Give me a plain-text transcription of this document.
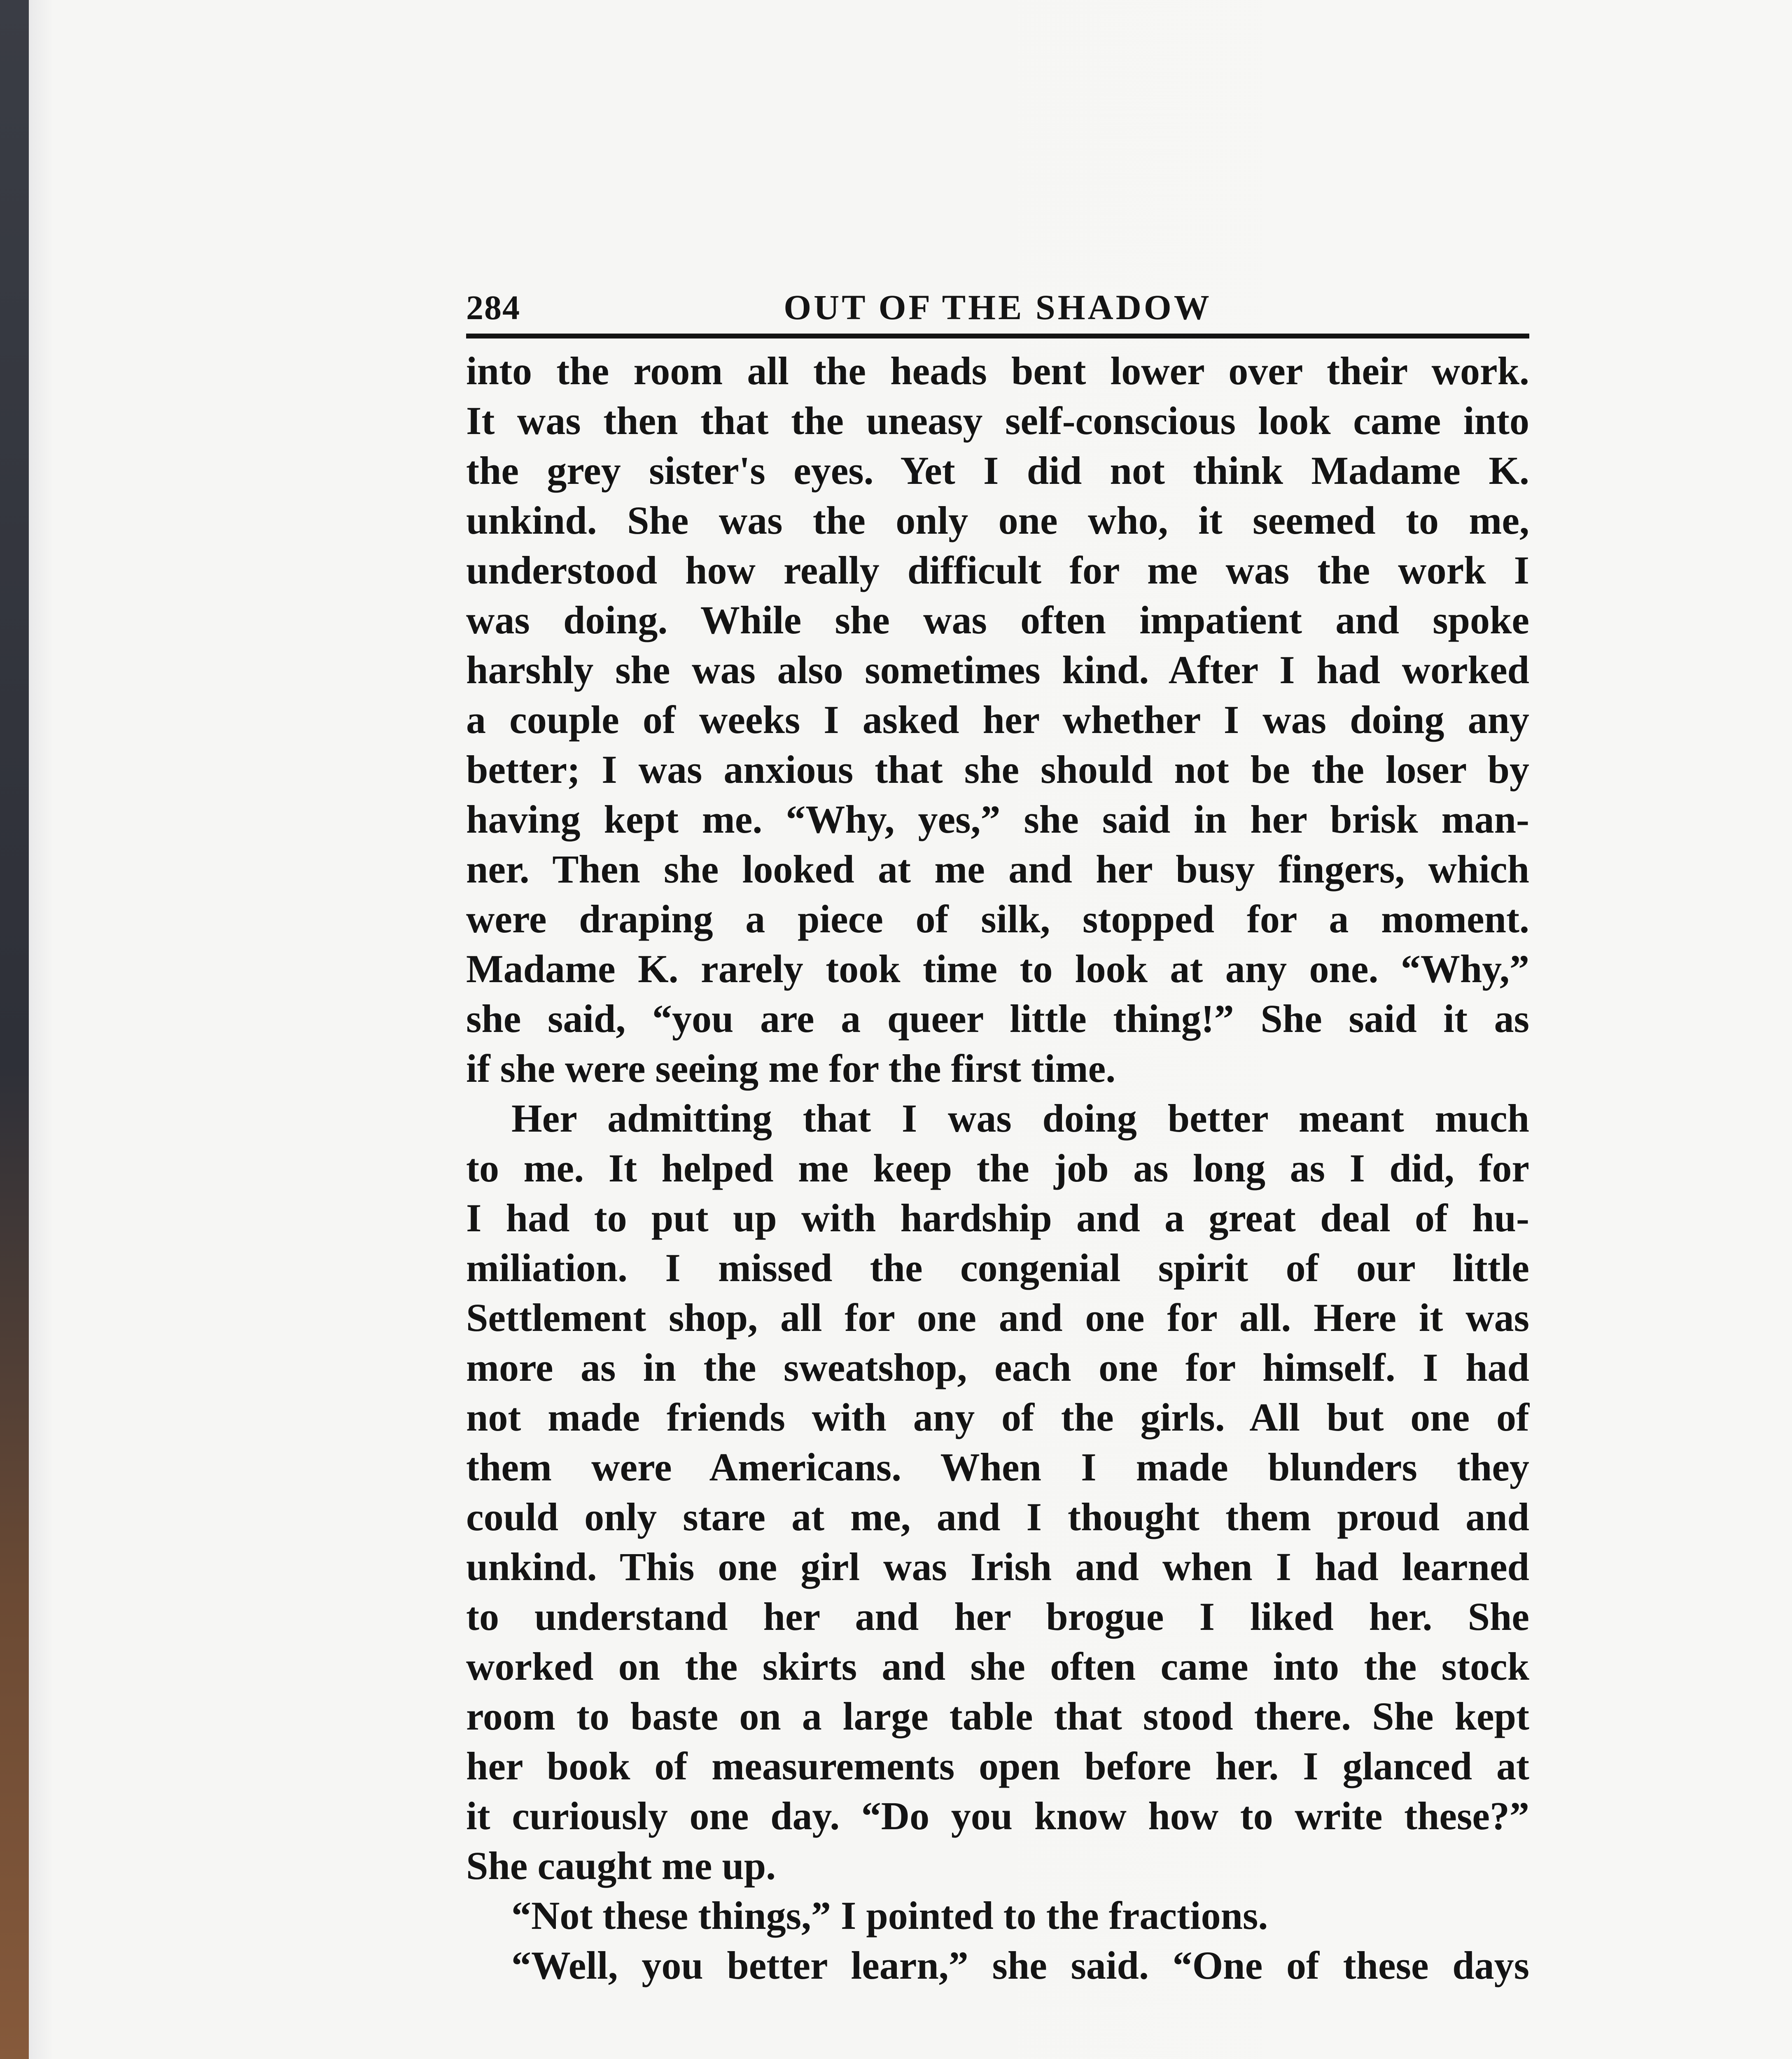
284	OUT OF THE SHADOW
into the room all the heads bent lower over their work.
It was then that the uneasy self-conscious look came into
the grey sister's eyes. Yet I did not think Madame K.
unkind. She was the only one who, it seemed to me,
understood how really difficult for me was the work I
was doing. While she was often impatient and spoke
harshly she was also sometimes kind. After I had worked
a couple of weeks I asked her whether I was doing any
better; I was anxious that she should not be the loser by
having kept me. “Why, yes,” she said in her brisk man-
ner. Then she looked at me and her busy fingers, which
were draping a piece of silk, stopped for a moment.
Madame K. rarely took time to look at any one. “Why,”
she said, “you are a queer little thing!” She said it as
if she were seeing me for the first time.
Her admitting that I was doing better meant much
to me. It helped me keep the job as long as I did, for
I had to put up with hardship and a great deal of hu-
miliation. I missed the congenial spirit of our little
Settlement shop, all for one and one for all. Here it was
more as in the sweatshop, each one for himself. I had
not made friends with any of the girls. All but one of
them were Americans. When I made blunders they
could only stare at me, and I thought them proud and
unkind. This one girl was Irish and when I had learned
to understand her and her brogue I liked her. She
worked on the skirts and she often came into the stock
room to baste on a large table that stood there. She kept
her book of measurements open before her. I glanced at
it curiously one day. “Do you know how to write these?”
She caught me up.
“Not these things,” I pointed to the fractions.
“Well, you better learn,” she said. “One of these days
